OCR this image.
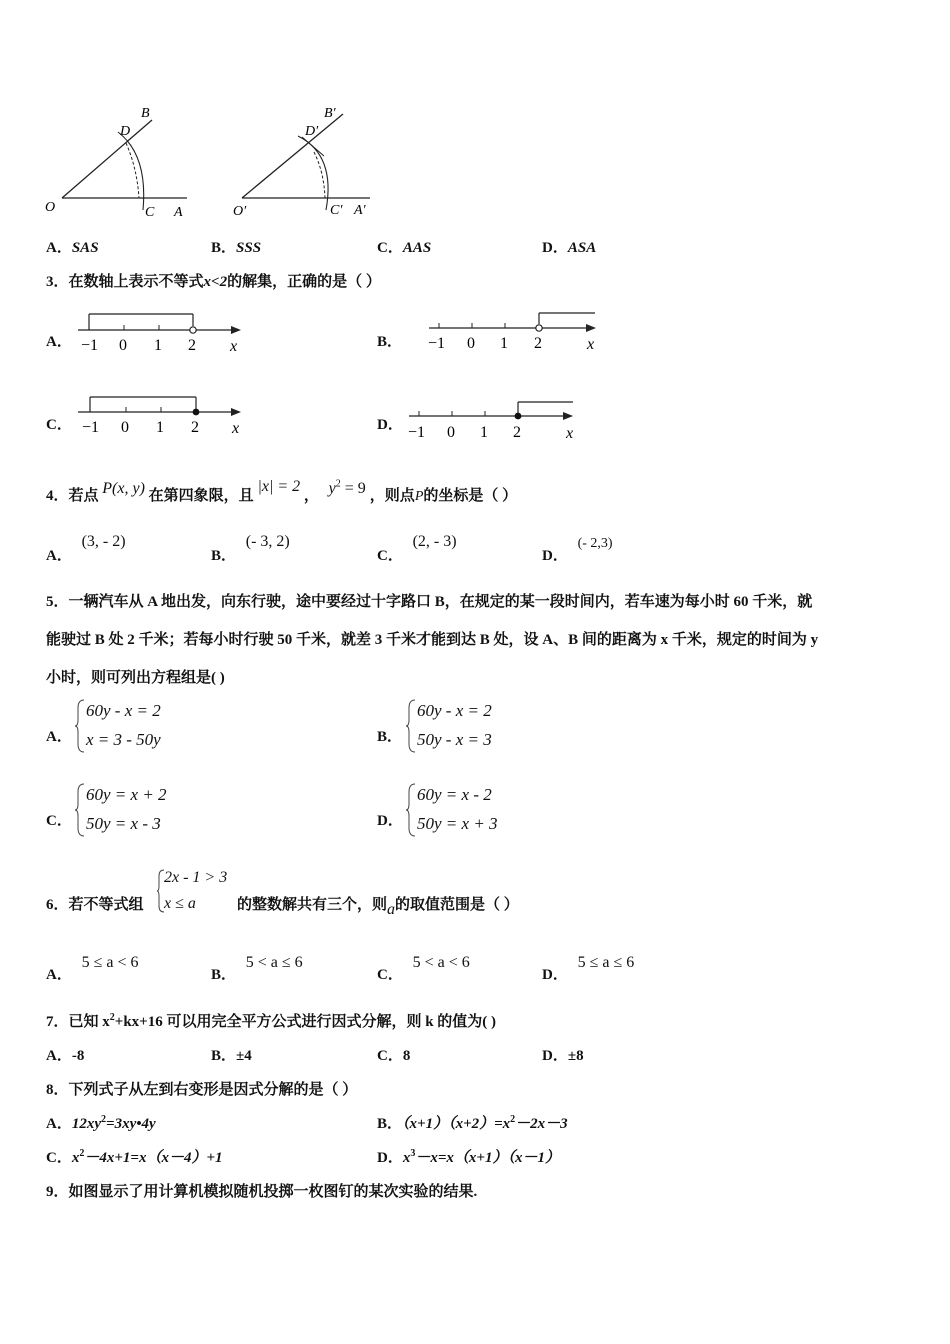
O	A
B
C
D
O′	A′
B′
C′
D′
A．SAS	B．SSS	C．AAS	D．ASA
3．在数轴上表示不等式x<2的解集，正确的是（ ）
A． −1 0 1 2 x	B． −1 0 1 2	x
C． −1 0 1 2 x	D． −1 0 1 2	x
4．若点 P(x, y) 在第四象限，且 |x| = 2 ， $y^2 = 9$ ，则点P的坐标是（ ）
A． (3, - 2)
B． (- 3, 2)
C． (2, - 3)
D． (- 2,3)
5．一辆汽车从 A 地出发，向东行驶，途中要经过十字路口 B，在规定的某一段时间内，若车速为每小时 60 千米，就
能驶过 B 处 2 千米；若每小时行驶 50 千米，就差 3 千米才能到达 B 处，设 A、B 间的距离为 x 千米，规定的时间为 y
小时，则可列出方程组是( )
A．
60y - x = 2
x = 3 - 50y	B．
60y - x = 2
50y - x = 3
C．
60y = x + 2
50y = x - 3	D．
60y = x - 2
50y = x + 3
6．若不等式组
2x - 1 > 3
x ≤ a	的整数解共有三个，则a的取值范围是（ ）
A． 5 ≤ a < 6
B． 5 < a ≤ 6
C． 5 < a < 6
D． 5 ≤ a ≤ 6
7．已知 $x^2+kx+16$ 可以用完全平方公式进行因式分解，则 k 的值为( )
A．-8	B．±4	C．8	D．±8
8．下列式子从左到右变形是因式分解的是（ ）
A．$12xy^2=3xy•4y$	B．$(x+1)(x+2)=x^2-2x-3$
C．$x^2-4x+1=x(x-4)+1$	D．$x^3-x=x(x+1)(x-1)$
9．如图显示了用计算机模拟随机投掷一枚图钉的某次实验的结果.
